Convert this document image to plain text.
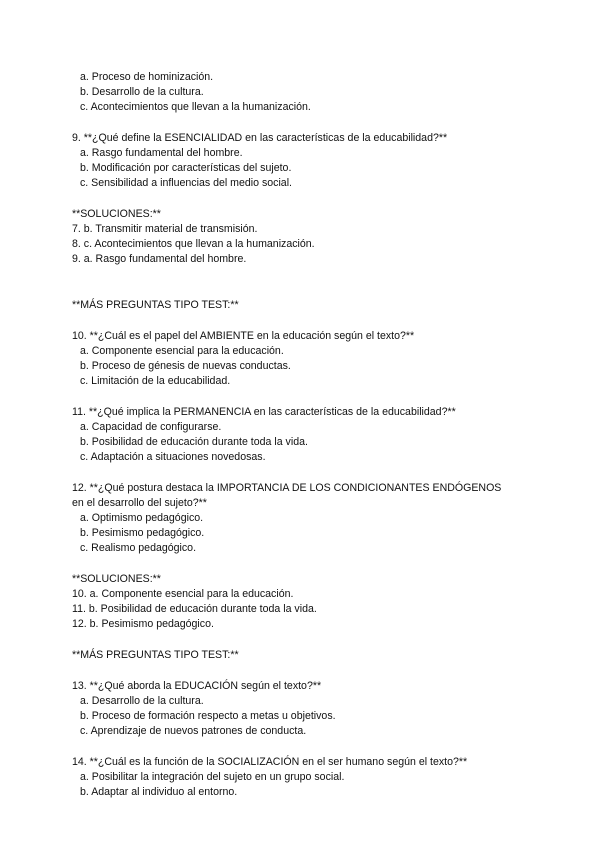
a. Proceso de hominización.
b. Desarrollo de la cultura.
c. Acontecimientos que llevan a la humanización.
9. **¿Qué define la ESENCIALIDAD en las características de la educabilidad?**
a. Rasgo fundamental del hombre.
b. Modificación por características del sujeto.
c. Sensibilidad a influencias del medio social.
**SOLUCIONES:**
7. b. Transmitir material de transmisión.
8. c. Acontecimientos que llevan a la humanización.
9. a. Rasgo fundamental del hombre.
**MÁS PREGUNTAS TIPO TEST:**
10. **¿Cuál es el papel del AMBIENTE en la educación según el texto?**
a. Componente esencial para la educación.
b. Proceso de génesis de nuevas conductas.
c. Limitación de la educabilidad.
11. **¿Qué implica la PERMANENCIA en las características de la educabilidad?**
a. Capacidad de configurarse.
b. Posibilidad de educación durante toda la vida.
c. Adaptación a situaciones novedosas.
12. **¿Qué postura destaca la IMPORTANCIA DE LOS CONDICIONANTES ENDÓGENOS
en el desarrollo del sujeto?**
a. Optimismo pedagógico.
b. Pesimismo pedagógico.
c. Realismo pedagógico.
**SOLUCIONES:**
10. a. Componente esencial para la educación.
11. b. Posibilidad de educación durante toda la vida.
12. b. Pesimismo pedagógico.
**MÁS PREGUNTAS TIPO TEST:**
13. **¿Qué aborda la EDUCACIÓN según el texto?**
a. Desarrollo de la cultura.
b. Proceso de formación respecto a metas u objetivos.
c. Aprendizaje de nuevos patrones de conducta.
14. **¿Cuál es la función de la SOCIALIZACIÓN en el ser humano según el texto?**
a. Posibilitar la integración del sujeto en un grupo social.
b. Adaptar al individuo al entorno.
